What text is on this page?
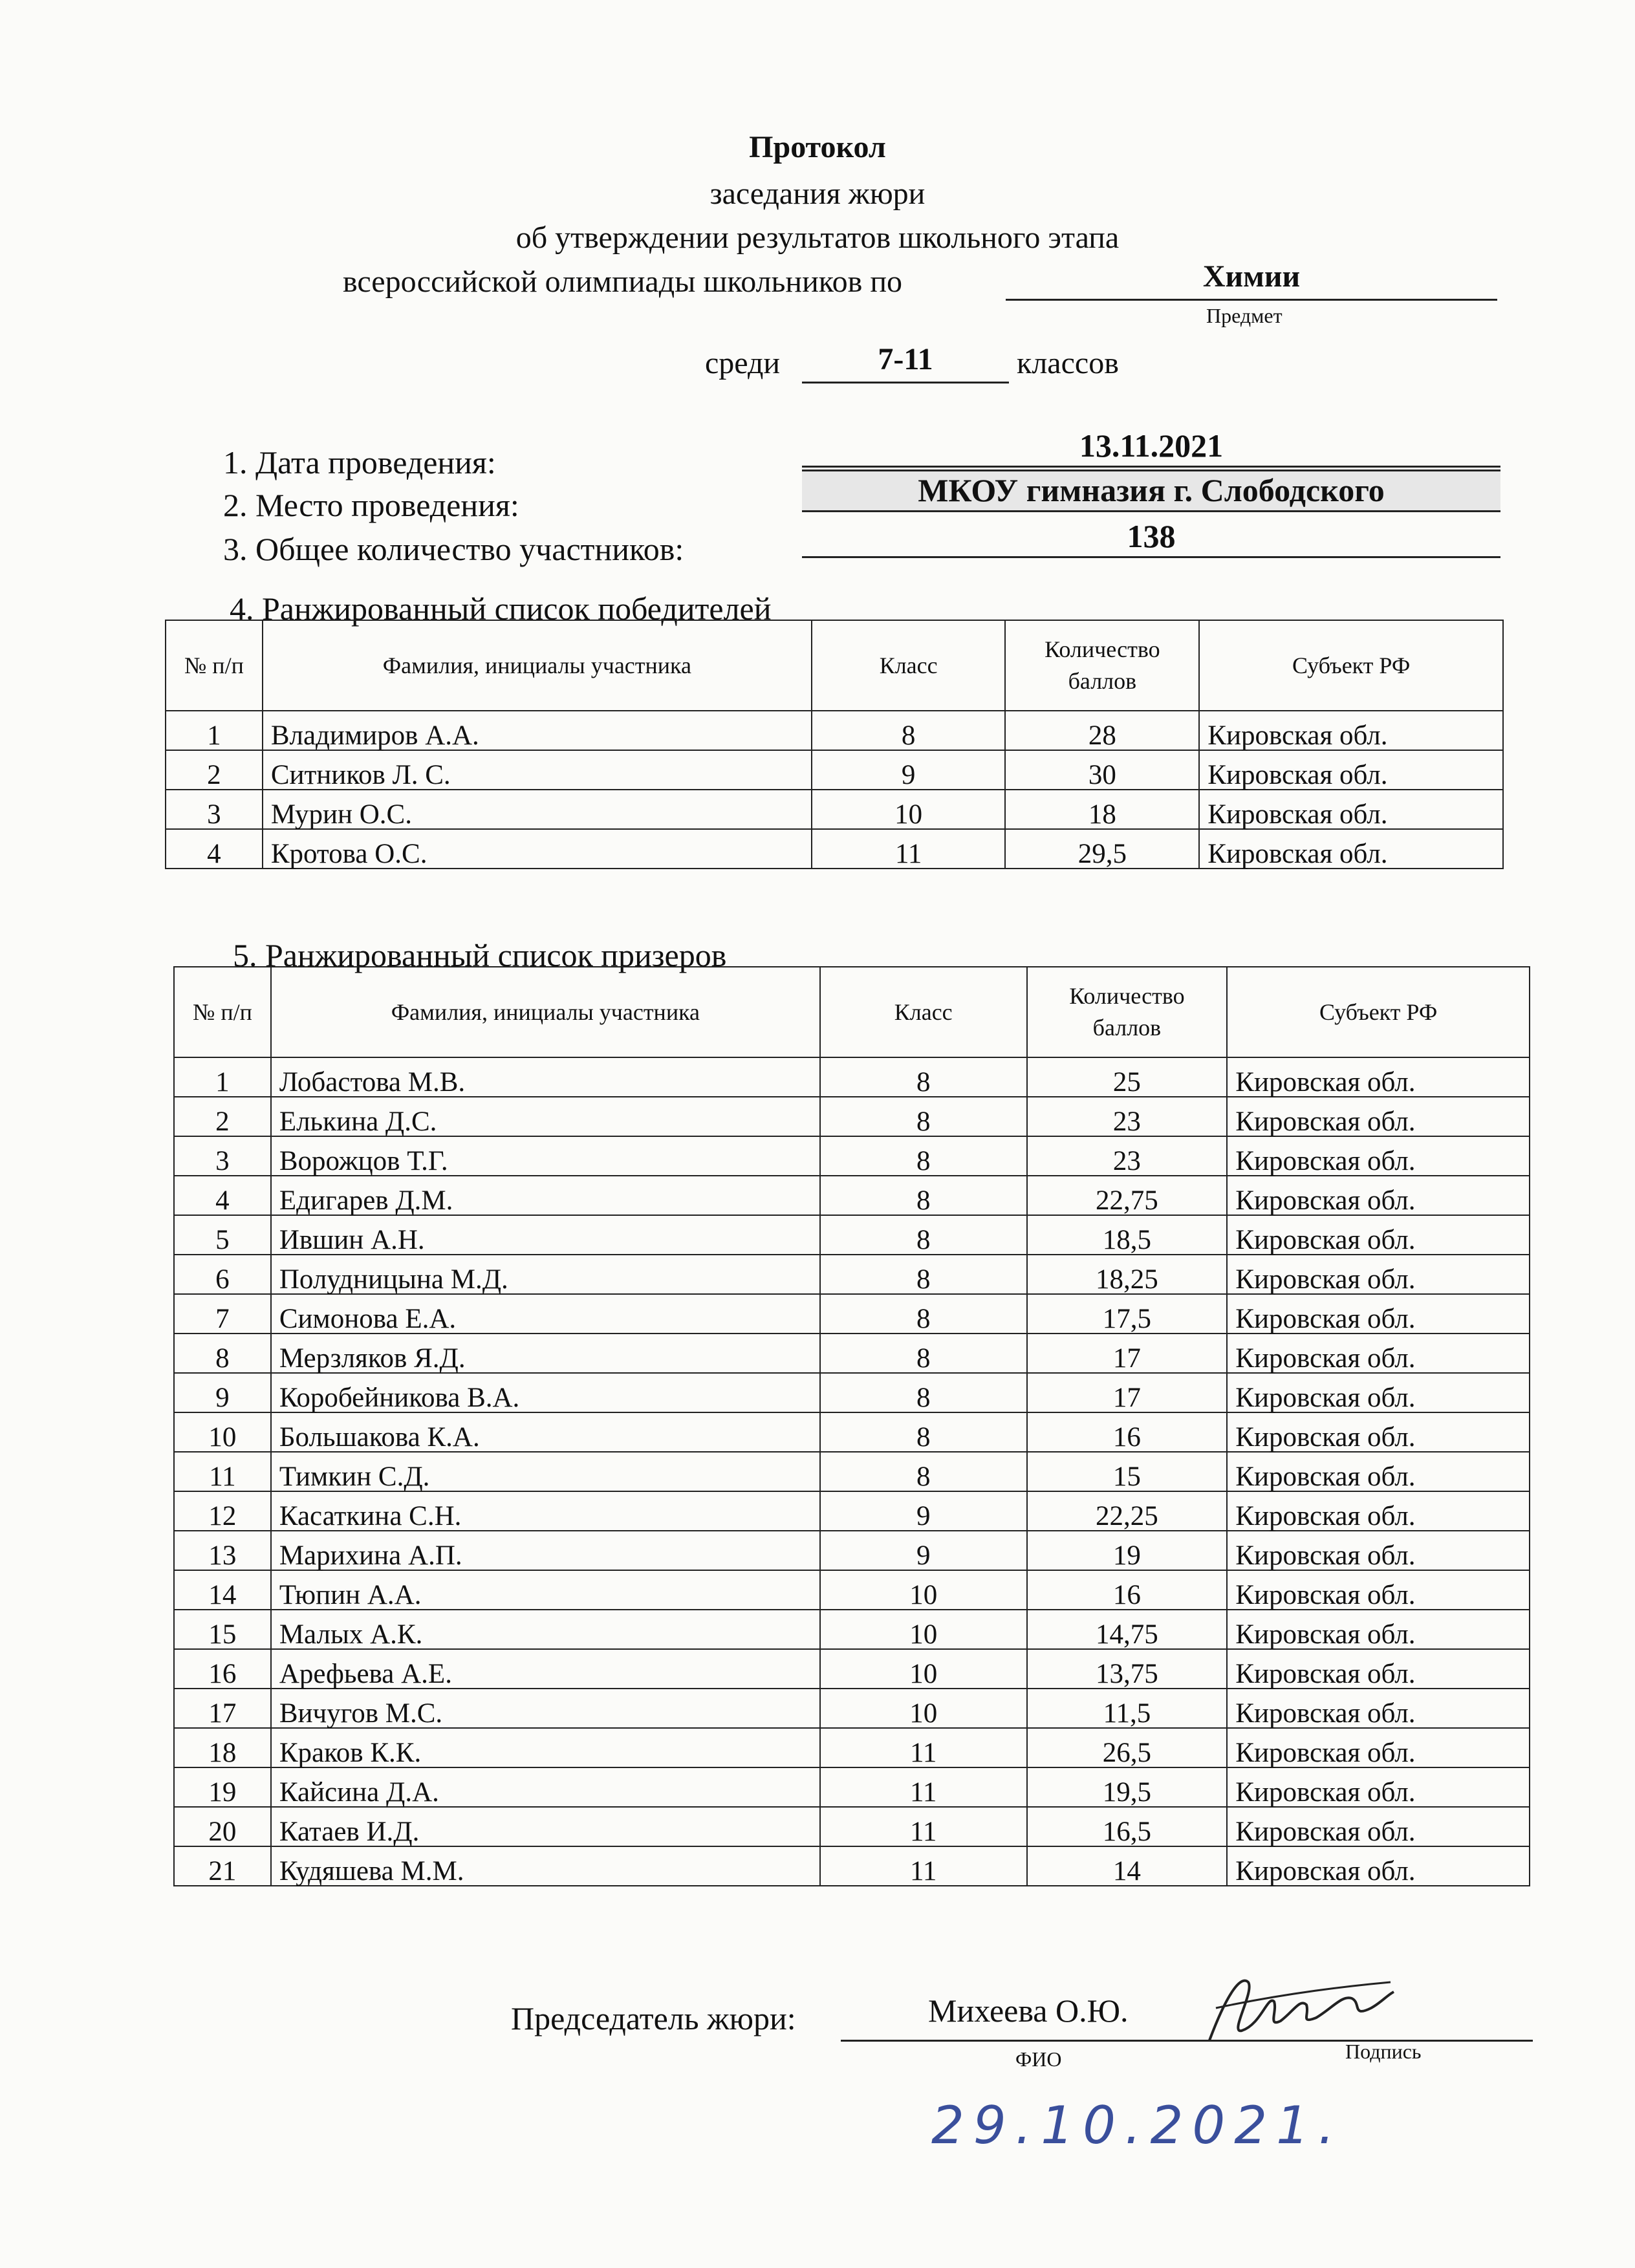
Протокол
заседания жюри
об утверждении результатов школьного этапа
всероссийской олимпиады школьников по	Химии
Предмет
среди	7-11	классов
1. Дата проведения:	13.11.2021
2. Место проведения:	МКОУ гимназия г. Слободского
3. Общее количество участников:	138
4. Ранжированный список победителей
№ п/п	Фамилия, инициалы участника	Класс	Количество баллов	Субъект РФ
1	Владимиров А.А.	8	28	Кировская обл.
2	Ситников Л. С.	9	30	Кировская обл.
3	Мурин О.С.	10	18	Кировская обл.
4	Кротова О.С.	11	29,5	Кировская обл.
5. Ранжированный список призеров
№ п/п	Фамилия, инициалы участника	Класс	Количество баллов	Субъект РФ
1	Лобастова М.В.	8	25	Кировская обл.
2	Елькина Д.С.	8	23	Кировская обл.
3	Ворожцов Т.Г.	8	23	Кировская обл.
4	Едигарев Д.М.	8	22,75	Кировская обл.
5	Ившин А.Н.	8	18,5	Кировская обл.
6	Полудницына М.Д.	8	18,25	Кировская обл.
7	Симонова Е.А.	8	17,5	Кировская обл.
8	Мерзляков Я.Д.	8	17	Кировская обл.
9	Коробейникова В.А.	8	17	Кировская обл.
10	Большакова К.А.	8	16	Кировская обл.
11	Тимкин С.Д.	8	15	Кировская обл.
12	Касаткина С.Н.	9	22,25	Кировская обл.
13	Марихина А.П.	9	19	Кировская обл.
14	Тюпин А.А.	10	16	Кировская обл.
15	Малых А.К.	10	14,75	Кировская обл.
16	Арефьева А.Е.	10	13,75	Кировская обл.
17	Вичугов М.С.	10	11,5	Кировская обл.
18	Краков К.К.	11	26,5	Кировская обл.
19	Кайсина Д.А.	11	19,5	Кировская обл.
20	Катаев И.Д.	11	16,5	Кировская обл.
21	Кудяшева М.М.	11	14	Кировская обл.
Председатель жюри:	Михеева О.Ю.
ФИО	Подпись
29.10.2021.
